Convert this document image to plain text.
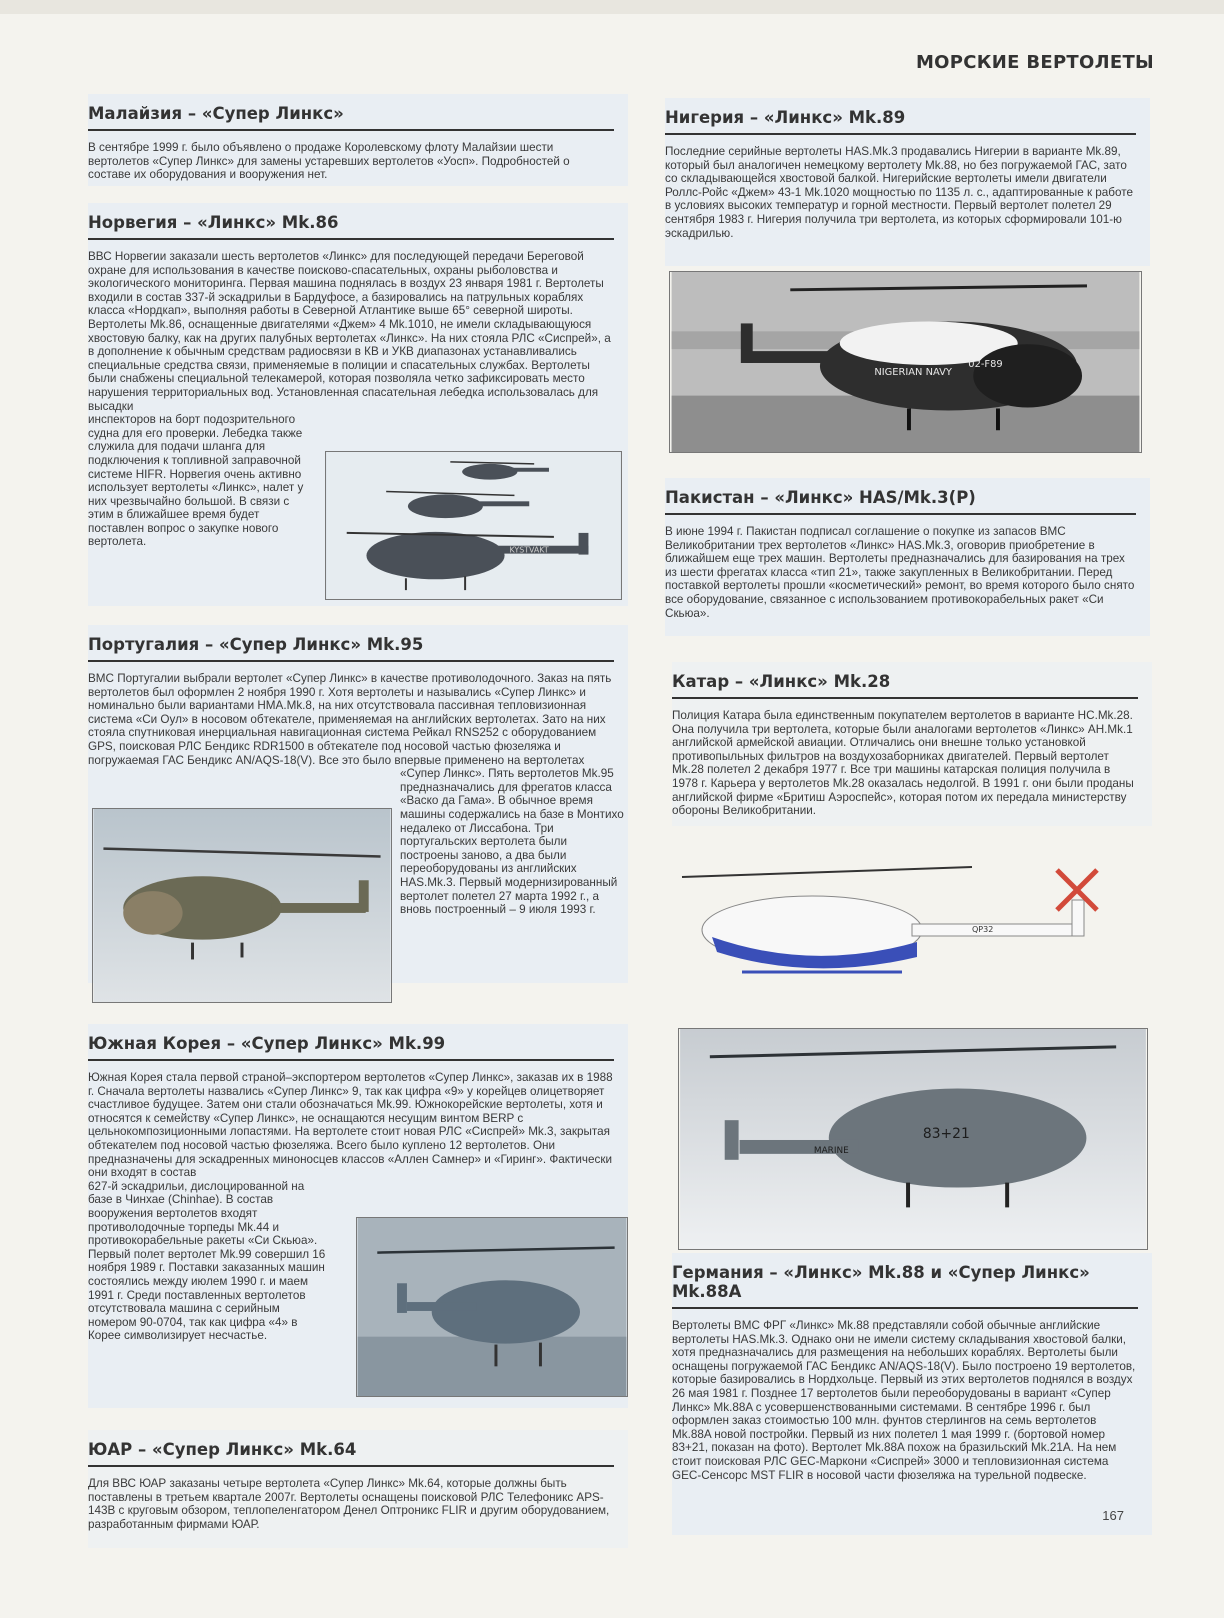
МОРСКИЕ ВЕРТОЛЕТЫ
Малайзия – «Супер Линкс»

В сентябре 1999 г. было объявлено о продаже Королевскому флоту Малайзии шести вертолетов «Супер Линкс» для замены устаревших вертолетов «Уосп». Подробностей о составе их оборудования и вооружения нет.

Норвегия – «Линкс» Mk.86

ВВС Норвегии заказали шесть вертолетов «Линкс» для последующей передачи Береговой охране для использования в качестве поисково-спасательных, охраны рыболовства и экологического мониторинга. Первая машина поднялась в воздух 23 января 1981 г. Вертолеты входили в состав 337-й эскадрильи в Бардуфосе, а базировались на патрульных кораблях класса «Нордкап», выполняя работы в Северной Атлантике выше 65° северной широты.
Вертолеты Mk.86, оснащенные двигателями «Джем» 4 Mk.1010, не имели складывающуюся хвостовую балку, как на других палубных вертолетах «Линкс». На них стояла РЛС «Сиспрей», а в дополнение к обычным средствам радиосвязи в КВ и УКВ диапазонах устанавливались специальные средства связи, применяемые в полиции и спасательных службах. Вертолеты были снабжены специальной телекамерой, которая позволяла четко зафиксировать место нарушения территориальных вод. Установленная спасательная лебедка использовалась для высадки

инспекторов на борт подозрительного судна для его проверки. Лебедка также служила для подачи шланга для подключения к топливной заправочной системе HIFR. Норвегия очень активно использует вертолеты «Линкс», налет у них чрезвычайно большой. В связи с этим в ближайшее время будет поставлен вопрос о закупке нового вертолета.

KYSTVAKT
Португалия – «Супер Линкс» Mk.95

ВМС Португалии выбрали вертолет «Супер Линкс» в качестве противолодочного. Заказ на пять вертолетов был оформлен 2 ноября 1990 г. Хотя вертолеты и назывались «Супер Линкс» и номинально были вариантами HMA.Mk.8, на них отсутствовала пассивная тепловизионная система «Си Оул» в носовом обтекателе, применяемая на английских вертолетах. Зато на них стояла спутниковая инерциальная навигационная система Рейкал RNS252 с оборудованием GPS, поисковая РЛС Бендикс RDR1500 в обтекателе под носовой частью фюзеляжа и погружаемая ГАС Бендикс AN/AQS-18(V). Все это было впервые применено на вертолетах

«Супер Линкс». Пять вертолетов Mk.95 предназначались для фрегатов класса «Васко да Гама». В обычное время машины содержались на базе в Монтихо недалеко от Лиссабона. Три португальских вертолета были построены заново, а два были переоборудованы из английских HAS.Mk.3. Первый модернизированный вертолет полетел 27 марта 1992 г., а вновь построенный – 9 июля 1993 г.

Южная Корея – «Супер Линкс» Mk.99

Южная Корея стала первой страной–экспортером вертолетов «Супер Линкс», заказав их в 1988 г. Сначала вертолеты назвались «Супер Линкс» 9, так как цифра «9» у корейцев олицетворяет счастливое будущее. Затем они стали обозначаться Mk.99. Южнокорейские вертолеты, хотя и относятся к семейству «Супер Линкс», не оснащаются несущим винтом BERP с цельнокомпозиционными лопастями. На вертолете стоит новая РЛС «Сиспрей» Mk.3, закрытая обтекателем под носовой частью фюзеляжа. Всего было куплено 12 вертолетов. Они предназначены для эскадренных миноносцев классов «Аллен Самнер» и «Гиринг». Фактически они входят в состав

627-й эскадрильи, дислоцированной на базе в Чинхае (Chinhae). В состав вооружения вертолетов входят противолодочные торпеды Mk.44 и противокорабельные ракеты «Си Скьюа». Первый полет вертолет Mk.99 совершил 16 ноября 1989 г. Поставки заказанных машин состоялись между июлем 1990 г. и маем 1991 г. Среди поставленных вертолетов отсутствовала машина с серийным номером 90-0704, так как цифра «4» в Корее символизирует несчастье.

ЮАР – «Супер Линкс» Mk.64

Для ВВС ЮАР заказаны четыре вертолета «Супер Линкс» Mk.64, которые должны быть поставлены в третьем квартале 2007г. Вертолеты оснащены поисковой РЛС Телефоникс APS-143B с круговым обзором, теплопеленгатором Денел Оптроникс FLIR и другим оборудованием, разработанным фирмами ЮАР.

Нигерия – «Линкс» Mk.89

Последние серийные вертолеты HAS.Mk.3 продавались Нигерии в варианте Mk.89, который был аналогичен немецкому вертолету Mk.88, но без погружаемой ГАС, зато со складывающейся хвостовой балкой. Нигерийские вертолеты имели двигатели Роллс-Ройс «Джем» 43-1 Mk.1020 мощностью по 1135 л. с., адаптированные к работе в условиях высоких температур и горной местности. Первый вертолет полетел 29 сентября 1983 г. Нигерия получила три вертолета, из которых сформировали 101-ю эскадрилью.

NIGERIAN NAVY
02-F89
Пакистан – «Линкс» HAS/Mk.3(P)

В июне 1994 г. Пакистан подписал соглашение о покупке из запасов ВМС Великобритании трех вертолетов «Линкс» HAS.Mk.3, оговорив приобретение в ближайшем еще трех машин. Вертолеты предназначались для базирования на трех из шести фрегатах класса «тип 21», также закупленных в Великобритании. Перед поставкой вертолеты прошли «косметический» ремонт, во время которого было снято все оборудование, связанное с использованием противокорабельных ракет «Си Скьюа».

Катар – «Линкс» Mk.28

Полиция Катара была единственным покупателем вертолетов в варианте HC.Mk.28. Она получила три вертолета, которые были аналогами вертолетов «Линкс» AH.Mk.1 английской армейской авиации. Отличались они внешне только установкой противопыльных фильтров на воздухозаборниках двигателей. Первый вертолет Mk.28 полетел 2 декабря 1977 г. Все три машины катарская полиция получила в 1978 г. Карьера у вертолетов Mk.28 оказалась недолгой. В 1991 г. они были проданы английской фирме «Бритиш Аэроспейс», которая потом их передала министерству обороны Великобритании.

QP32
83+21
MARINE
Германия – «Линкс» Mk.88 и «Супер Линкс» Mk.88A

Вертолеты ВМС ФРГ «Линкс» Mk.88 представляли собой обычные английские вертолеты HAS.Mk.3. Однако они не имели систему складывания хвостовой балки, хотя предназначались для размещения на небольших кораблях. Вертолеты были оснащены погружаемой ГАС Бендикс AN/AQS-18(V). Было построено 19 вертолетов, которые базировались в Нордхольце. Первый из этих вертолетов поднялся в воздух 26 мая 1981 г. Позднее 17 вертолетов были переоборудованы в вариант «Супер Линкс» Mk.88A с усовершенствованными системами. В сентябре 1996 г. был оформлен заказ стоимостью 100 млн. фунтов стерлингов на семь вертолетов Mk.88A новой постройки. Первый из них полетел 1 мая 1999 г. (бортовой номер 83+21, показан на фото). Вертолет Mk.88A похож на бразильский Mk.21A. На нем стоит поисковая РЛС GEC-Маркони «Сиспрей» 3000 и тепловизионная система GEC-Сенсорс MST FLIR в носовой части фюзеляжа на турельной подвеске.

167
